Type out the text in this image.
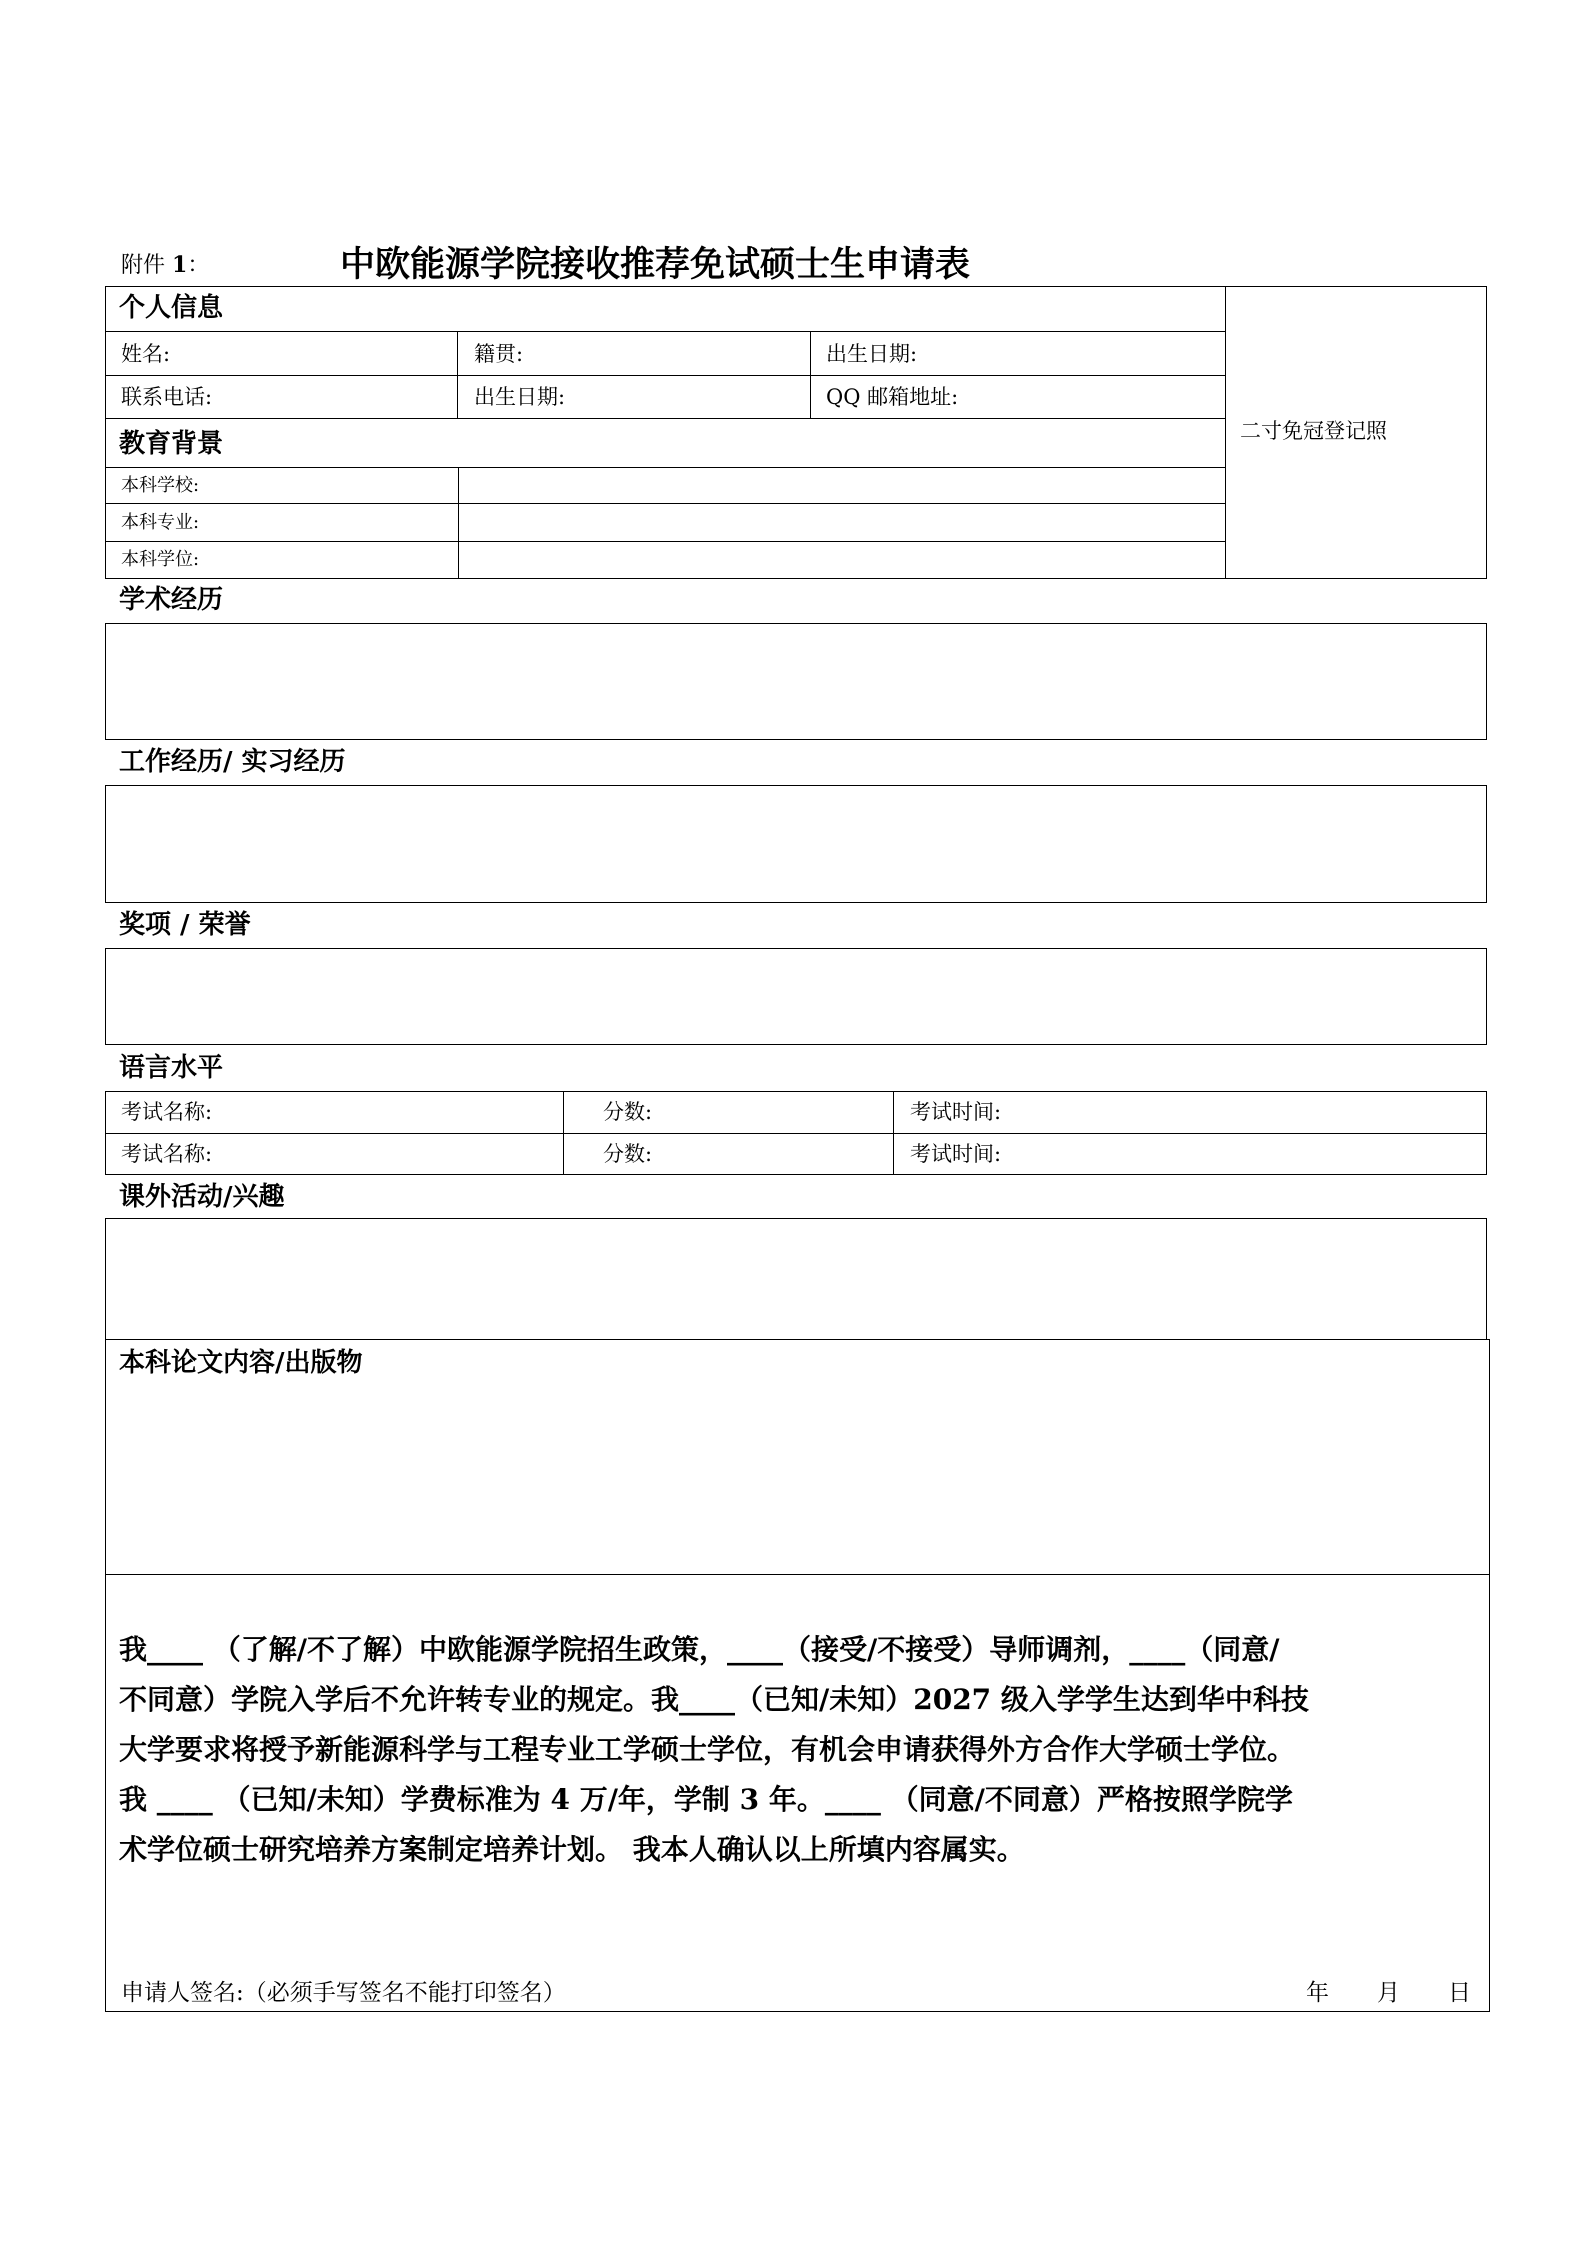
附件 1：	中欧能源学院接收推荐免试硕士生申请表
二寸免冠登记照
个人信息
姓名:	籍贯:	出生日期:
联系电话:	出生日期:	QQ 邮箱地址:
教育背景
本科学校:
本科专业:
本科学位:
学术经历
工作经历/ 实习经历
奖项 / 荣誉
语言水平
考试名称:	分数:	考试时间:
考试名称:	分数:	考试时间:
课外活动/兴趣
本科论文内容/出版物

我____ （了解/不了解）中欧能源学院招生政策，____（接受/不接受）导师调剂，____（同意/

不同意）学院入学后不允许转专业的规定。我____（已知/未知）2027 级入学学生达到华中科技

大学要求将授予新能源科学与工程专业工学硕士学位，有机会申请获得外方合作大学硕士学位。

我 ____ （已知/未知）学费标准为 4 万/年，学制 3 年。____ （同意/不同意）严格按照学院学

术学位硕士研究培养方案制定培养计划。 我本人确认以上所填内容属实。

申请人签名:（必须手写签名不能打印签名）	年 月 日
